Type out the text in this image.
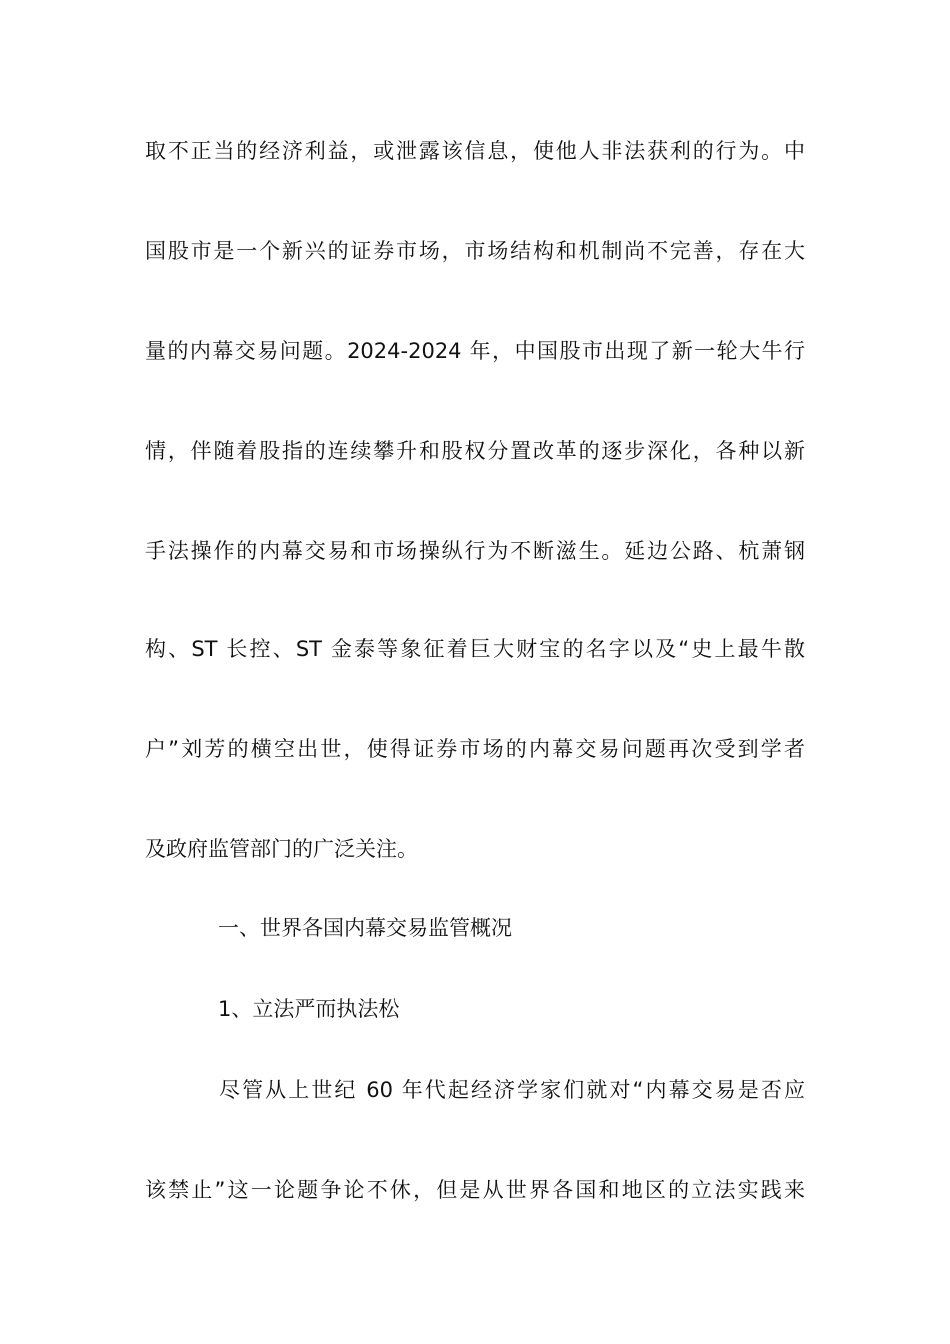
取不正当的经济利益，或泄露该信息，使他人非法获利的行为。中
国股市是一个新兴的证券市场，市场结构和机制尚不完善，存在大
量的内幕交易问题。2024-2024 年，中国股市出现了新一轮大牛行
情，伴随着股指的连续攀升和股权分置改革的逐步深化，各种以新
手法操作的内幕交易和市场操纵行为不断滋生。延边公路、杭萧钢
构、ST 长控、ST 金泰等象征着巨大财宝的名字以及“史上最牛散
户”刘芳的横空出世，使得证券市场的内幕交易问题再次受到学者
及政府监管部门的广泛关注。
一、世界各国内幕交易监管概况
1、立法严而执法松
尽管从上世纪 60 年代起经济学家们就对“内幕交易是否应
该禁止”这一论题争论不休，但是从世界各国和地区的立法实践来
